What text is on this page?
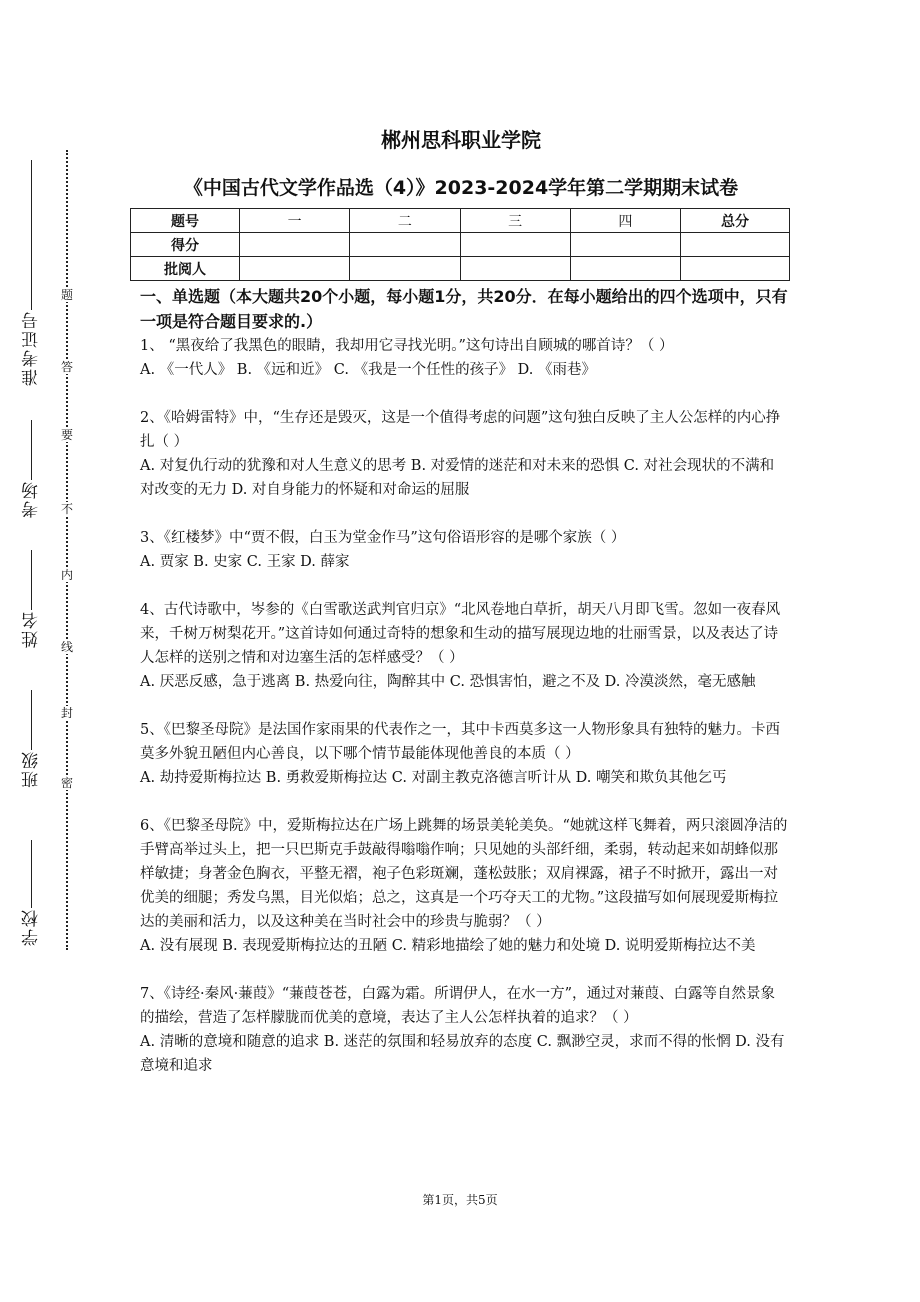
题
答
要
不
内
线
封
密
准考证号
考场
姓名
班级
学校
郴州思科职业学院
《中国古代文学作品选（4）》2023-2024学年第二学期期末试卷
题号	一	二	三	四	总分
得分					
批阅人					
一、单选题（本大题共20个小题，每小题1分，共20分．在每小题给出的四个选项中，只有一项是符合题目要求的.）

1、 “黑夜给了我黑色的眼睛，我却用它寻找光明。”这句诗出自顾城的哪首诗？（ ）

A. 《一代人》 B. 《远和近》 C. 《我是一个任性的孩子》 D. 《雨巷》

2、《哈姆雷特》中，“生存还是毁灭，这是一个值得考虑的问题”这句独白反映了主人公怎样的内心挣扎（ ）

A. 对复仇行动的犹豫和对人生意义的思考 B. 对爱情的迷茫和对未来的恐惧 C. 对社会现状的不满和对改变的无力 D. 对自身能力的怀疑和对命运的屈服

3、《红楼梦》中“贾不假，白玉为堂金作马”这句俗语形容的是哪个家族（ ）

A. 贾家 B. 史家 C. 王家 D. 薛家

4、古代诗歌中，岑参的《白雪歌送武判官归京》“北风卷地白草折，胡天八月即飞雪。忽如一夜春风来，千树万树梨花开。”这首诗如何通过奇特的想象和生动的描写展现边地的壮丽雪景，以及表达了诗人怎样的送别之情和对边塞生活的怎样感受？（ ）

A. 厌恶反感，急于逃离 B. 热爱向往，陶醉其中 C. 恐惧害怕，避之不及 D. 冷漠淡然，毫无感触

5、《巴黎圣母院》是法国作家雨果的代表作之一，其中卡西莫多这一人物形象具有独特的魅力。卡西莫多外貌丑陋但内心善良，以下哪个情节最能体现他善良的本质（ ）

A. 劫持爱斯梅拉达 B. 勇救爱斯梅拉达 C. 对副主教克洛德言听计从 D. 嘲笑和欺负其他乞丐

6、《巴黎圣母院》中，爱斯梅拉达在广场上跳舞的场景美轮美奂。“她就这样飞舞着，两只滚圆净洁的手臂高举过头上，把一只巴斯克手鼓敲得嗡嗡作响；只见她的头部纤细，柔弱，转动起来如胡蜂似那样敏捷；身著金色胸衣，平整无褶，袍子色彩斑斓，蓬松鼓胀；双肩裸露，裙子不时掀开，露出一对优美的细腿；秀发乌黑，目光似焰；总之，这真是一个巧夺天工的尤物。”这段描写如何展现爱斯梅拉达的美丽和活力，以及这种美在当时社会中的珍贵与脆弱？（ ）

A. 没有展现 B. 表现爱斯梅拉达的丑陋 C. 精彩地描绘了她的魅力和处境 D. 说明爱斯梅拉达不美

7、《诗经·秦风·蒹葭》“蒹葭苍苍，白露为霜。所谓伊人，在水一方”，通过对蒹葭、白露等自然景象的描绘，营造了怎样朦胧而优美的意境，表达了主人公怎样执着的追求？（ ）

A. 清晰的意境和随意的追求 B. 迷茫的氛围和轻易放弃的态度 C. 飘渺空灵，求而不得的怅惘 D. 没有意境和追求

第1页，共5页
